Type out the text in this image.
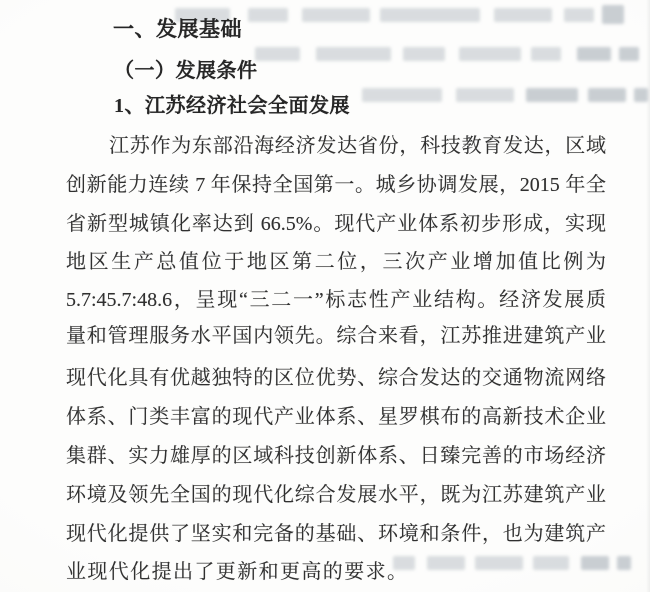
一、发展基础
（一）发展条件
1、江苏经济社会全面发展
江苏作为东部沿海经济发达省份，科技教育发达，区域
创新能力连续 7 年保持全国第一。城乡协调发展，2015 年全
省新型城镇化率达到 66.5%。现代产业体系初步形成，实现
地区生产总值位于地区第二位，三次产业增加值比例为
5.7:45.7:48.6，呈现“三二一”标志性产业结构。经济发展质
量和管理服务水平国内领先。综合来看，江苏推进建筑产业
现代化具有优越独特的区位优势、综合发达的交通物流网络
体系、门类丰富的现代产业体系、星罗棋布的高新技术企业
集群、实力雄厚的区域科技创新体系、日臻完善的市场经济
环境及领先全国的现代化综合发展水平，既为江苏建筑产业
现代化提供了坚实和完备的基础、环境和条件，也为建筑产
业现代化提出了更新和更高的要求。
